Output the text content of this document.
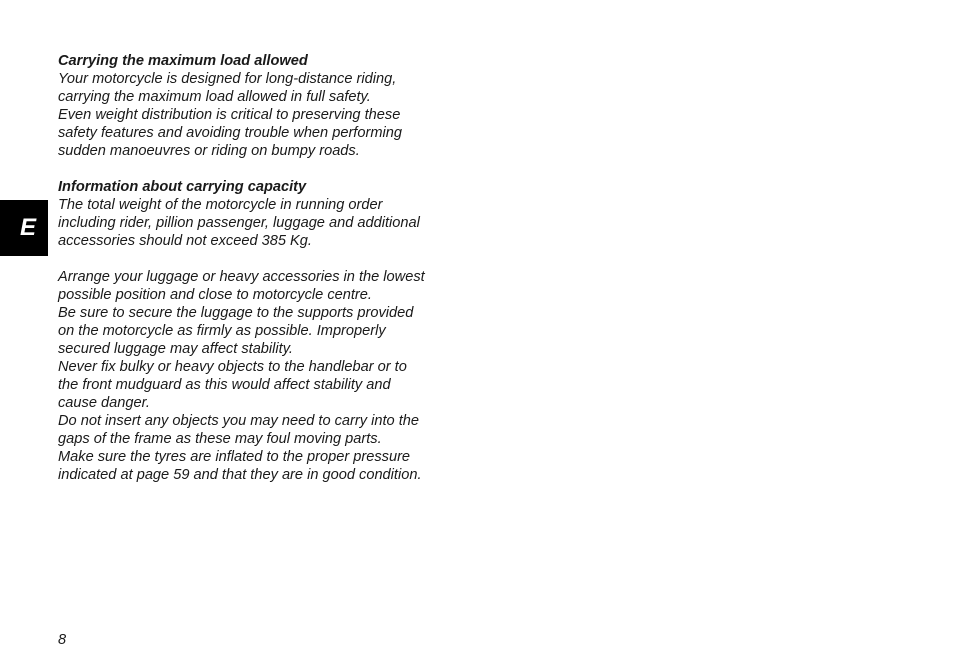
E

Carrying the maximum load allowed

Your motorcycle is designed for long-distance riding,
carrying the maximum load allowed in full safety.

Even weight distribution is critical to preserving these
safety features and avoiding trouble when performing
sudden manoeuvres or riding on bumpy roads.

Information about carrying capacity

The total weight of the motorcycle in running order
including rider, pillion passenger, luggage and additional
accessories should not exceed 385 Kg.

Arrange your luggage or heavy accessories in the lowest
possible position and close to motorcycle centre.

Be sure to secure the luggage to the supports provided
on the motorcycle as firmly as possible. Improperly
secured luggage may affect stability.

Never fix bulky or heavy objects to the handlebar or to
the front mudguard as this would affect stability and
cause danger.

Do not insert any objects you may need to carry into the
gaps of the frame as these may foul moving parts.

Make sure the tyres are inflated to the proper pressure
indicated at page 59 and that they are in good condition.

8
